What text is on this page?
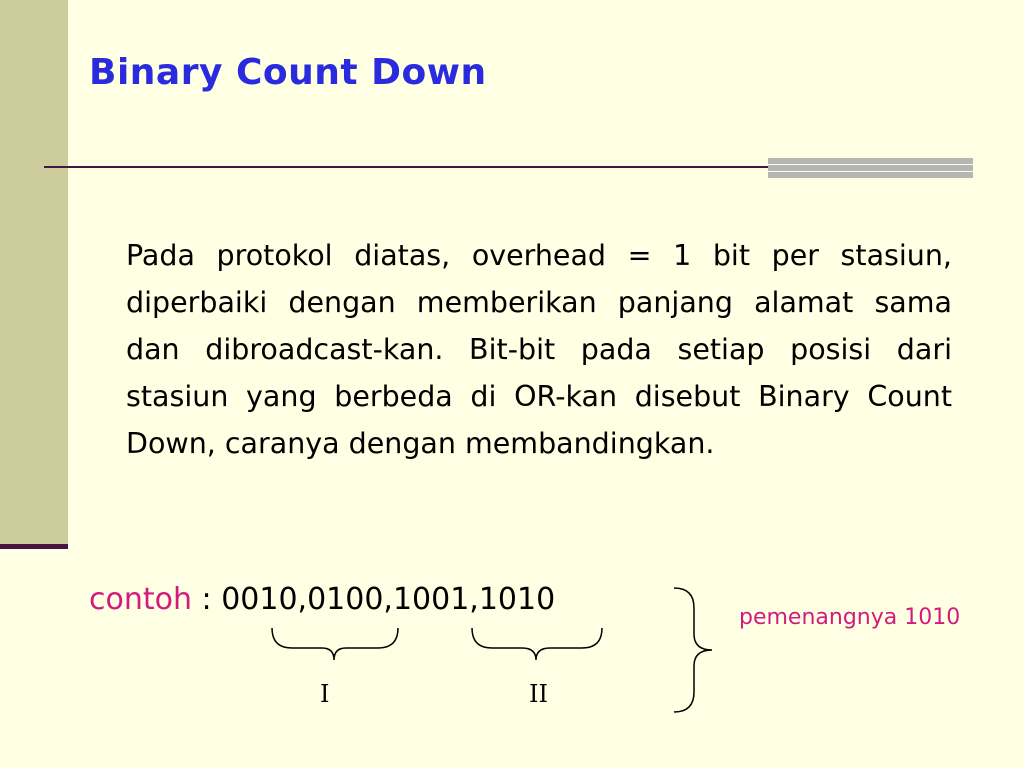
Binary Count Down

Pada protokol diatas, overhead = 1 bit per stasiun, diperbaiki dengan memberikan panjang alamat sama dan dibroadcast-kan. Bit-bit pada setiap posisi dari stasiun yang berbeda di OR-kan disebut Binary Count Down, caranya dengan membandingkan.

contoh : 0010,0100,1001,1010
I	II
pemenangnya 1010
